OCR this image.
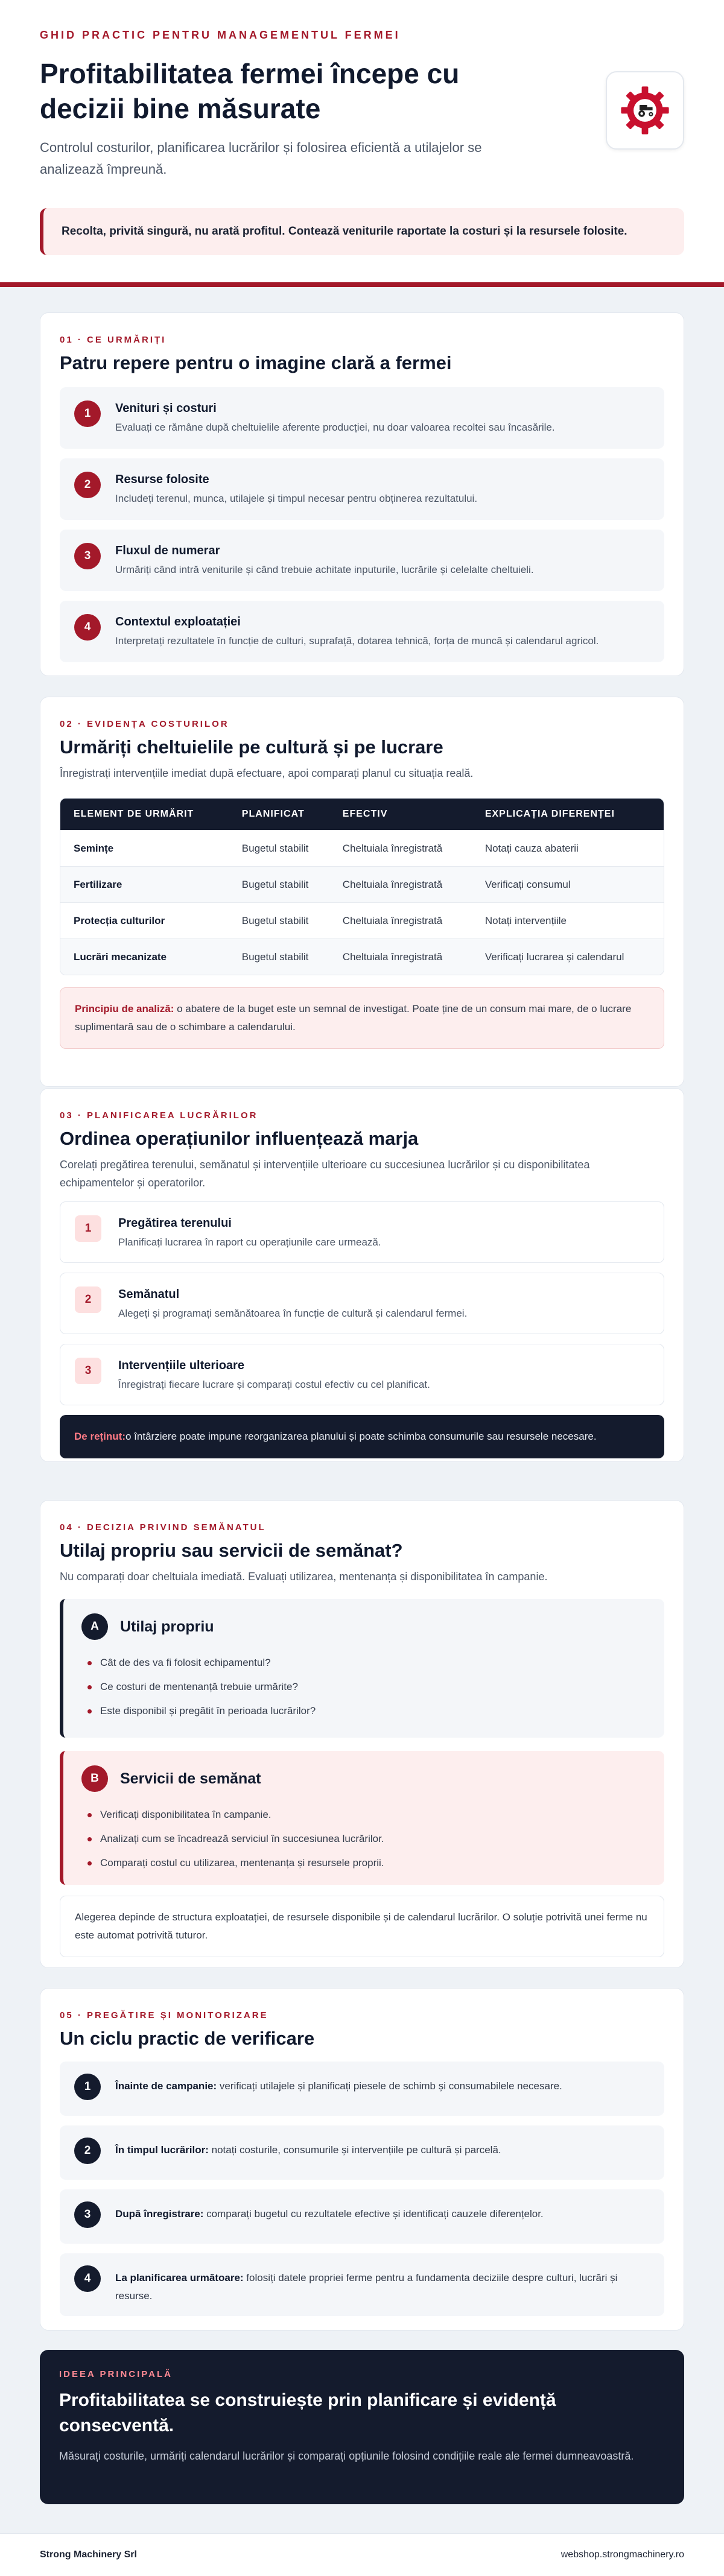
GHID PRACTIC PENTRU MANAGEMENTUL FERMEI
Profitabilitatea fermei începe cu decizii bine măsurate
Controlul costurilor, planificarea lucrărilor și folosirea eficientă a utilajelor se analizează împreună.
Recolta, privită singură, nu arată profitul. Contează veniturile raportate la costuri și la resursele folosite.
01 · CE URMĂRIȚI
Patru repere pentru o imagine clară a fermei
1	Venituri și costuri
Evaluați ce rămâne după cheltuielile aferente producției, nu doar valoarea recoltei sau încasările.
2	Resurse folosite
Includeți terenul, munca, utilajele și timpul necesar pentru obținerea rezultatului.
3	Fluxul de numerar
Urmăriți când intră veniturile și când trebuie achitate inputurile, lucrările și celelalte cheltuieli.
4	Contextul exploatației
Interpretați rezultatele în funcție de culturi, suprafață, dotarea tehnică, forța de muncă și calendarul agricol.
02 · EVIDENȚA COSTURILOR
Urmăriți cheltuielile pe cultură și pe lucrare
Înregistrați intervențiile imediat după efectuare, apoi comparați planul cu situația reală.
ELEMENT DE URMĂRIT	PLANIFICAT	EFECTIV	EXPLICAȚIA DIFERENȚEI
Semințe	Bugetul stabilit	Cheltuiala înregistrată	Notați cauza abaterii
Fertilizare	Bugetul stabilit	Cheltuiala înregistrată	Verificați consumul
Protecția culturilor	Bugetul stabilit	Cheltuiala înregistrată	Notați intervențiile
Lucrări mecanizate	Bugetul stabilit	Cheltuiala înregistrată	Verificați lucrarea și calendarul
Principiu de analiză: o abatere de la buget este un semnal de investigat. Poate ține de un consum mai mare, de o lucrare suplimentară sau de o schimbare a calendarului.
03 · PLANIFICAREA LUCRĂRILOR
Ordinea operațiunilor influențează marja
Corelați pregătirea terenului, semănatul și intervențiile ulterioare cu succesiunea lucrărilor și cu disponibilitatea echipamentelor și operatorilor.
1	Pregătirea terenului
Planificați lucrarea în raport cu operațiunile care urmează.
2	Semănatul
Alegeți și programați semănătoarea în funcție de cultură și calendarul fermei.
3	Intervențiile ulterioare
Înregistrați fiecare lucrare și comparați costul efectiv cu cel planificat.
De reținut: o întârziere poate impune reorganizarea planului și poate schimba consumurile sau resursele necesare.
04 · DECIZIA PRIVIND SEMĂNATUL
Utilaj propriu sau servicii de semănat?
Nu comparați doar cheltuiala imediată. Evaluați utilizarea, mentenanța și disponibilitatea în campanie.
A	Utilaj propriu
Cât de des va fi folosit echipamentul?
Ce costuri de mentenanță trebuie urmărite?
Este disponibil și pregătit în perioada lucrărilor?
B	Servicii de semănat
Verificați disponibilitatea în campanie.
Analizați cum se încadrează serviciul în succesiunea lucrărilor.
Comparați costul cu utilizarea, mentenanța și resursele proprii.
Alegerea depinde de structura exploatației, de resursele disponibile și de calendarul lucrărilor. O soluție potrivită unei ferme nu este automat potrivită tuturor.
05 · PREGĂTIRE ȘI MONITORIZARE
Un ciclu practic de verificare
1	Înainte de campanie: verificați utilajele și planificați piesele de schimb și consumabilele necesare.
2	În timpul lucrărilor: notați costurile, consumurile și intervențiile pe cultură și parcelă.
3	După înregistrare: comparați bugetul cu rezultatele efective și identificați cauzele diferențelor.
4	La planificarea următoare: folosiți datele propriei ferme pentru a fundamenta deciziile despre culturi, lucrări și resurse.
IDEEA PRINCIPALĂ
Profitabilitatea se construiește prin planificare și evidență consecventă.
Măsurați costurile, urmăriți calendarul lucrărilor și comparați opțiunile folosind condițiile reale ale fermei dumneavoastră.
Strong Machinery Srl	webshop.strongmachinery.ro
